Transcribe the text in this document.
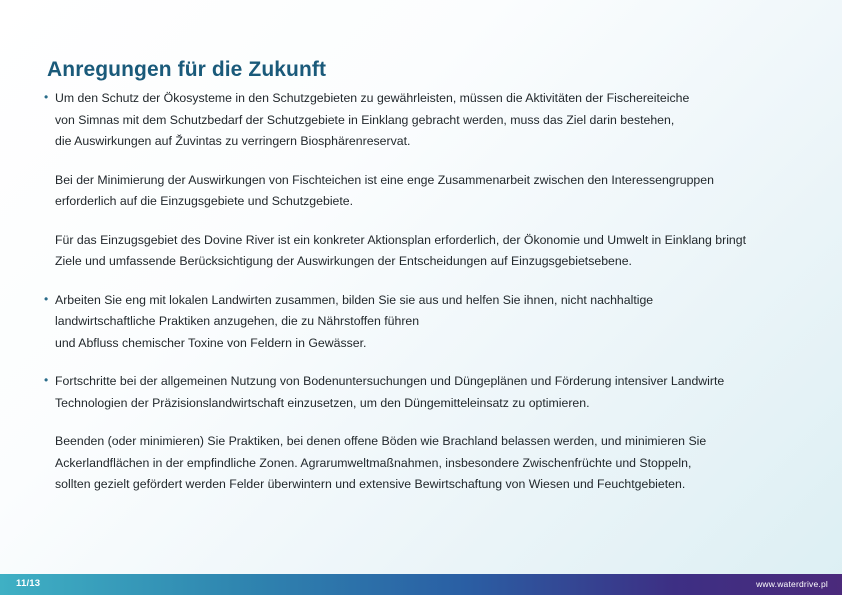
Anregungen für die Zukunft
• Um den Schutz der Ökosysteme in den Schutzgebieten zu gewährleisten, müssen die Aktivitäten der Fischereiteiche
von Simnas mit dem Schutzbedarf der Schutzgebiete in Einklang gebracht werden, muss das Ziel darin bestehen,
die Auswirkungen auf Žuvintas zu verringern Biosphärenreservat.
Bei der Minimierung der Auswirkungen von Fischteichen ist eine enge Zusammenarbeit zwischen den Interessengruppen
erforderlich auf die Einzugsgebiete und Schutzgebiete.
Für das Einzugsgebiet des Dovine River ist ein konkreter Aktionsplan erforderlich, der Ökonomie und Umwelt in Einklang bringt
Ziele und umfassende Berücksichtigung der Auswirkungen der Entscheidungen auf Einzugsgebietsebene.
• Arbeiten Sie eng mit lokalen Landwirten zusammen, bilden Sie sie aus und helfen Sie ihnen, nicht nachhaltige
landwirtschaftliche Praktiken anzugehen, die zu Nährstoffen führen
und Abfluss chemischer Toxine von Feldern in Gewässer.
• Fortschritte bei der allgemeinen Nutzung von Bodenuntersuchungen und Düngeplänen und Förderung intensiver Landwirte
Technologien der Präzisionslandwirtschaft einzusetzen, um den Düngemitteleinsatz zu optimieren.
Beenden (oder minimieren) Sie Praktiken, bei denen offene Böden wie Brachland belassen werden, und minimieren Sie
Ackerlandflächen in der empfindliche Zonen. Agrarumweltmaßnahmen, insbesondere Zwischenfrüchte und Stoppeln,
sollten gezielt gefördert werden Felder überwintern und extensive Bewirtschaftung von Wiesen und Feuchtgebieten.
11/13	www.waterdrive.pl
